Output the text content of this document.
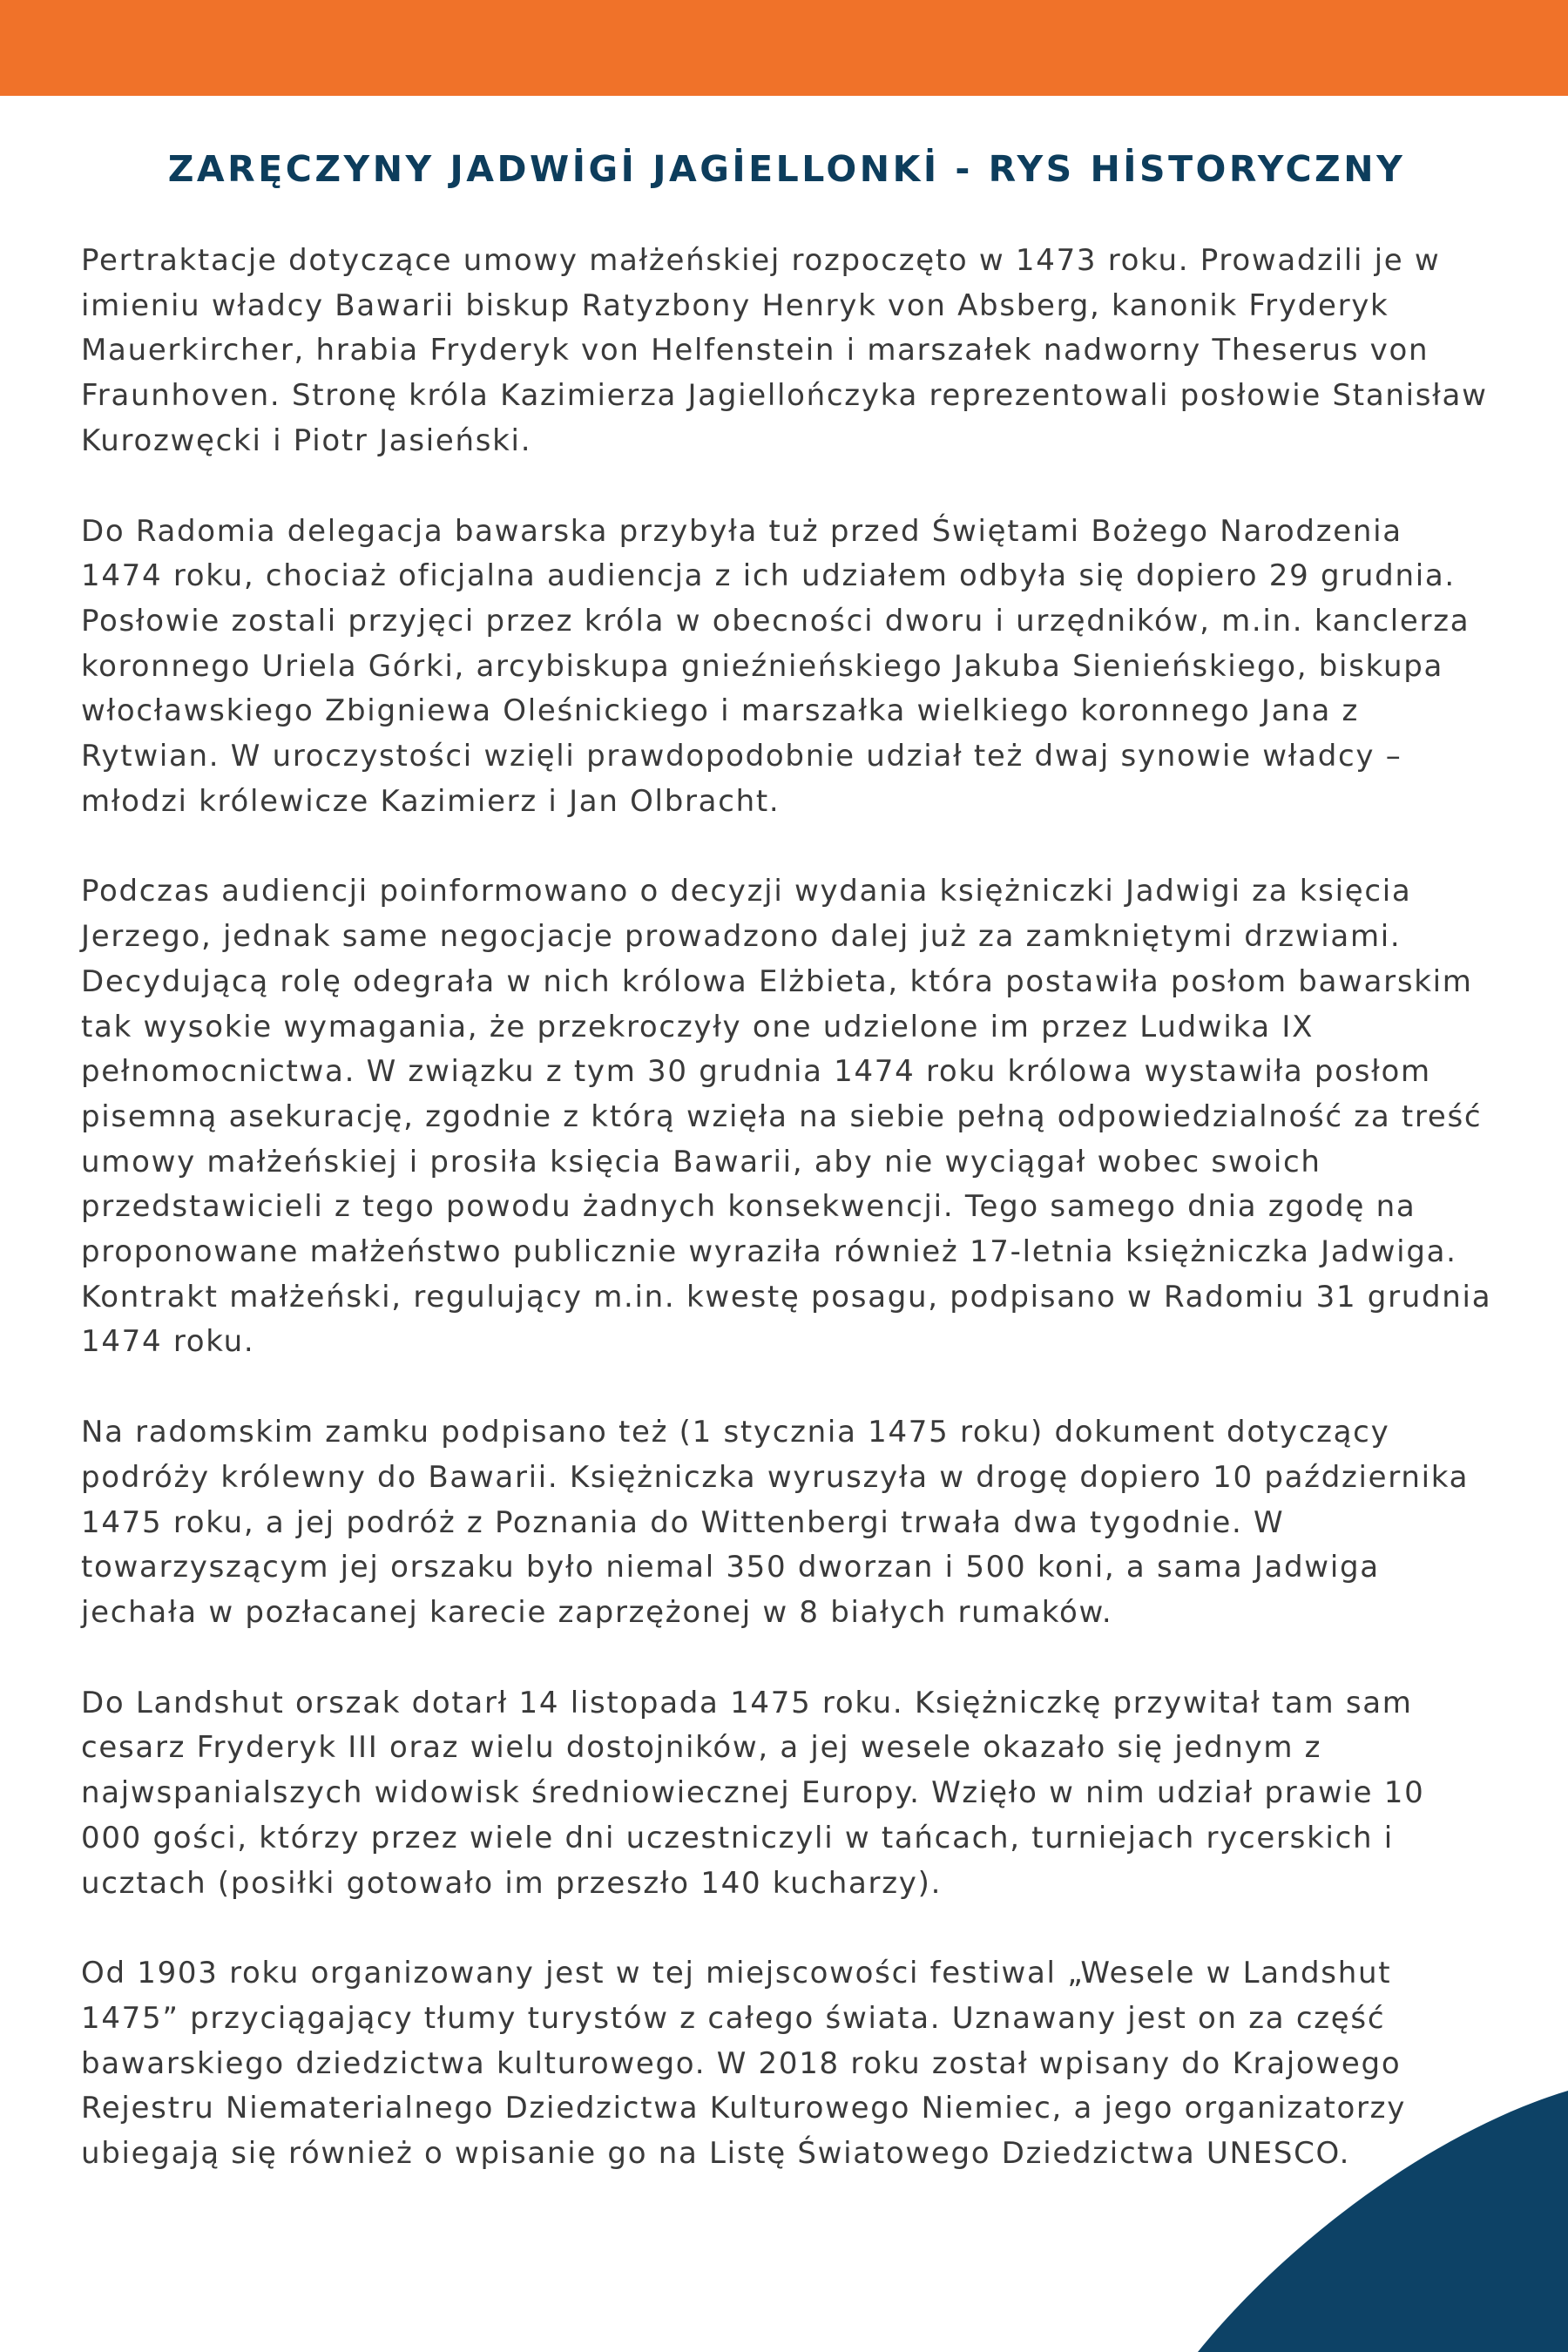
ZARĘCZYNY JADWİGİ JAGİELLONKİ - RYS HİSTORYCZNY

Pertraktacje dotyczące umowy małżeńskiej rozpoczęto w 1473 roku. Prowadzili je w imieniu władcy Bawarii biskup Ratyzbony Henryk von Absberg, kanonik Fryderyk Mauerkircher, hrabia Fryderyk von Helfenstein i marszałek nadworny Theserus von Fraunhoven. Stronę króla Kazimierza Jagiellończyka reprezentowali posłowie Stanisław Kurozwęcki i Piotr Jasieński.

Do Radomia delegacja bawarska przybyła tuż przed Świętami Bożego Narodzenia 1474 roku, chociaż oficjalna audiencja z ich udziałem odbyła się dopiero 29 grudnia. Posłowie zostali przyjęci przez króla w obecności dworu i urzędników, m.in. kanclerza koronnego Uriela Górki, arcybiskupa gnieźnieńskiego Jakuba Sienieńskiego, biskupa włocławskiego Zbigniewa Oleśnickiego i marszałka wielkiego koronnego Jana z Rytwian. W uroczystości wzięli prawdopodobnie udział też dwaj synowie władcy – młodzi królewicze Kazimierz i Jan Olbracht.

Podczas audiencji poinformowano o decyzji wydania księżniczki Jadwigi za księcia Jerzego, jednak same negocjacje prowadzono dalej już za zamkniętymi drzwiami. Decydującą rolę odegrała w nich królowa Elżbieta, która postawiła posłom bawarskim tak wysokie wymagania, że przekroczyły one udzielone im przez Ludwika IX pełnomocnictwa. W związku z tym 30 grudnia 1474 roku królowa wystawiła posłom pisemną asekurację, zgodnie z którą wzięła na siebie pełną odpowiedzialność za treść umowy małżeńskiej i prosiła księcia Bawarii, aby nie wyciągał wobec swoich przedstawicieli z tego powodu żadnych konsekwencji. Tego samego dnia zgodę na proponowane małżeństwo publicznie wyraziła również 17-letnia księżniczka Jadwiga. Kontrakt małżeński, regulujący m.in. kwestę posagu, podpisano w Radomiu 31 grudnia 1474 roku.

Na radomskim zamku podpisano też (1 stycznia 1475 roku) dokument dotyczący podróży królewny do Bawarii. Księżniczka wyruszyła w drogę dopiero 10 października 1475 roku, a jej podróż z Poznania do Wittenbergi trwała dwa tygodnie. W towarzyszącym jej orszaku było niemal 350 dworzan i 500 koni, a sama Jadwiga jechała w pozłacanej karecie zaprzężonej w 8 białych rumaków.

Do Landshut orszak dotarł 14 listopada 1475 roku. Księżniczkę przywitał tam sam cesarz Fryderyk III oraz wielu dostojników, a jej wesele okazało się jednym z najwspanialszych widowisk średniowiecznej Europy. Wzięło w nim udział prawie 10 000 gości, którzy przez wiele dni uczestniczyli w tańcach, turniejach rycerskich i ucztach (posiłki gotowało im przeszło 140 kucharzy).

Od 1903 roku organizowany jest w tej miejscowości festiwal „Wesele w Landshut 1475” przyciągający tłumy turystów z całego świata. Uznawany jest on za część bawarskiego dziedzictwa kulturowego. W 2018 roku został wpisany do Krajowego Rejestru Niematerialnego Dziedzictwa Kulturowego Niemiec, a jego organizatorzy ubiegają się również o wpisanie go na Listę Światowego Dziedzictwa UNESCO.
